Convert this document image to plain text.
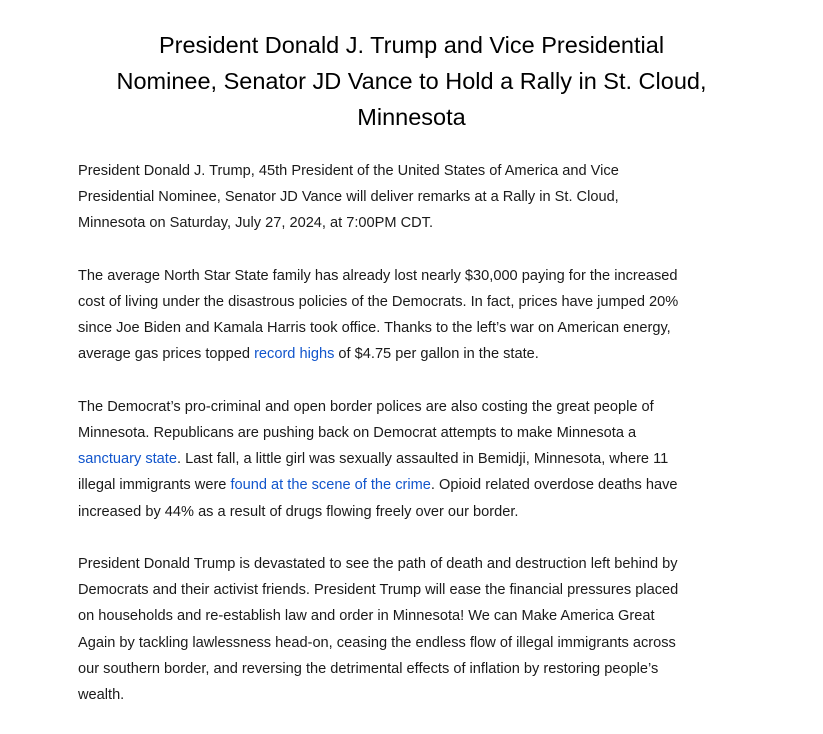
President Donald J. Trump and Vice Presidential
Nominee, Senator JD Vance to Hold a Rally in St. Cloud,
Minnesota

President Donald J. Trump, 45th President of the United States of America and Vice
Presidential Nominee, Senator JD Vance will deliver remarks at a Rally in St. Cloud,
Minnesota on Saturday, July 27, 2024, at 7:00PM CDT.

The average North Star State family has already lost nearly $30,000 paying for the increased
cost of living under the disastrous policies of the Democrats. In fact, prices have jumped 20%
since Joe Biden and Kamala Harris took office. Thanks to the left’s war on American energy,
average gas prices topped record highs of $4.75 per gallon in the state.

The Democrat’s pro-criminal and open border polices are also costing the great people of
Minnesota. Republicans are pushing back on Democrat attempts to make Minnesota a
sanctuary state. Last fall, a little girl was sexually assaulted in Bemidji, Minnesota, where 11
illegal immigrants were found at the scene of the crime. Opioid related overdose deaths have
increased by 44% as a result of drugs flowing freely over our border.

President Donald Trump is devastated to see the path of death and destruction left behind by
Democrats and their activist friends. President Trump will ease the financial pressures placed
on households and re-establish law and order in Minnesota! We can Make America Great
Again by tackling lawlessness head-on, ceasing the endless flow of illegal immigrants across
our southern border, and reversing the detrimental effects of inflation by restoring people’s
wealth.
